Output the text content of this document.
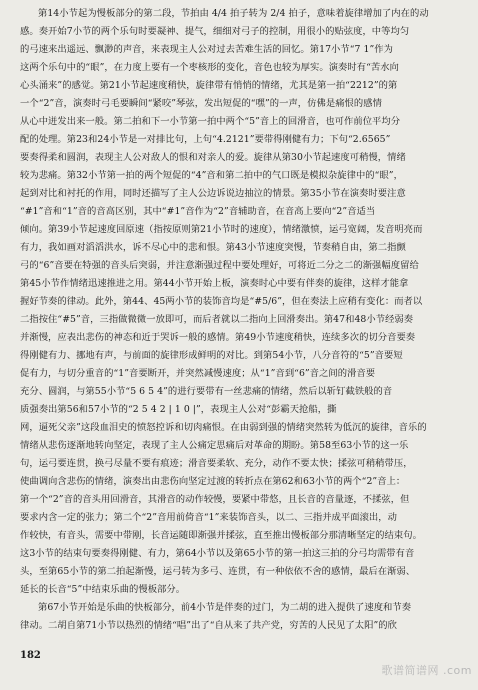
第14小节起为慢板部分的第二段，节拍由 4/4 拍子转为 2/4 拍子，意味着旋律增加了内在的动
感。奏开始7小节的两个乐句时要凝神、提气，细细对弓子的控制，用很小的贴弦度，中等均匀
的弓速来出遥远、飘渺的声音，来表现主人公对过去苦难生活的回忆。第17小节“7 1”作为
这两个乐句中的“眼”，在力度上要有一个枣核形的变化，音色也较为厚实。演奏时有“苦水向
心头涌来”的感觉。第21小节起速度稍快，旋律带有悄悄的情绪，尤其是第一拍“2212”的第
一个“2”音，演奏时弓毛要瞬间“紧咬”琴弦，发出短促的“嘿”的一声，仿佛是痛恨的感情
从心中迸发出来一般。第二拍和下一小节第一拍中两个“5”音上的回滑音，也可作前位平均分
配的处理。第23和24小节是一对排比句，上句“4.2121”要带得刚健有力；下句“2.6565”
要奏得柔和圆润，表现主人公对敌人的恨和对亲人的爱。旋律从第30小节起速度可稍慢，情绪
较为悲痛。第32小节第一拍的两个短促的“4”音和第二拍中的气口既是模拟杂旋律中的“眼”，
起到对比和衬托的作用，同时还描写了主人公边诉说边抽泣的情景。第35小节在演奏时要注意
“#1”音和“1”音的音高区别，其中“#1”音作为“2”音辅助音，在音高上要向“2”音适当
倾向。第39小节起速度回原速（指按原则第21小节时的速度），情绪激愤，运弓宽阔，发音明亮而
有力，我如画对滔滔洪水，诉不尽心中的悲和恨。第43小节速度突慢，节奏稍自由，第二指颤
弓的“6”音要在特强的音头后突弱，并注意渐强过程中要处理好，可将近二分之二的渐强幅度留给
第45小节作情绪迅速推进之用。第44小节开始上板，演奏时心中要有伴奏的旋律，这样才能拿
握好节奏的律动。此外，第44、45两小节的装饰音均是“#5/6”，但在奏法上应稍有变化：而者以
二指按住“#5”音，三指做微微一放即可，而后者就以二指向上回滑奏出。第47和48小节经弱奏
并渐慢，应表出悲伤的神态和近于哭诉一般的感情。第49小节速度稍快，连续多次的切分音要奏
得刚健有力、挪地有声，与前面的旋律形成鲜明的对比。到第54小节，八分音符的“5”音要短
促有力，与切分重音的“1”音要断开，并突然减慢速度；从“1”音到“6”音之间的滑音要
充分、圆润，与第55小节“5 6 5 4”的进行要带有一丝悲痛的情绪，然后以斩钉截铁般的音
质强奏出第56和57小节的“2 5 4 2 | 1 0 |”，表现主人公对“彭霸天抢船，撕
网，逼死父亲”这段血泪史的愤怒控诉和切肉痛恨。在由弱到强的情绪突然转为低沉的旋律，音乐的
情绪从悲伤逐渐地转向坚定，表现了主人公痛定思痛后对革命的期盼。第58至63小节的这一乐
句，运弓要连贯，换弓尽量不要有痕迹；滑音要柔软、充分，动作不要太快；揉弦可稍稍带压，
使曲调向含悲伤的情绪，演奏出由悲伤向坚定过渡的转折点在第62和63小节的两个“2”音上：
第一个“2”音的音头用回滑音，其滑音的动作较慢，要紧中带悠，且长音的音量逐，不揉弦，但
要求内含一定的张力；第二个“2”音用前倚音“1”来装饰音头，以二、三指并成平面滚出，动
作较快，有音头，需要中带刚，长音运随即渐强并揉弦，直至推出慢板部分那清晰坚定的结束句。
这3小节的结束句要奏得刚健、有力，第64小节以及第65小节的第一拍这三拍的分弓均需带有音
头，至第65小节的第二拍起渐慢，运弓转为多弓、连贯，有一种依依不舍的感情，最后在渐弱、
延长的长音“5”中结束乐曲的慢板部分。
第67小节开始是乐曲的快板部分，前4小节是伴奏的过门，为二胡的进入提供了速度和节奏
律动。二胡自第71小节以热烈的情绪“唱”出了“自从来了共产党，穷苦的人民见了太阳”的欣
182
歌谱简谱网 .com
